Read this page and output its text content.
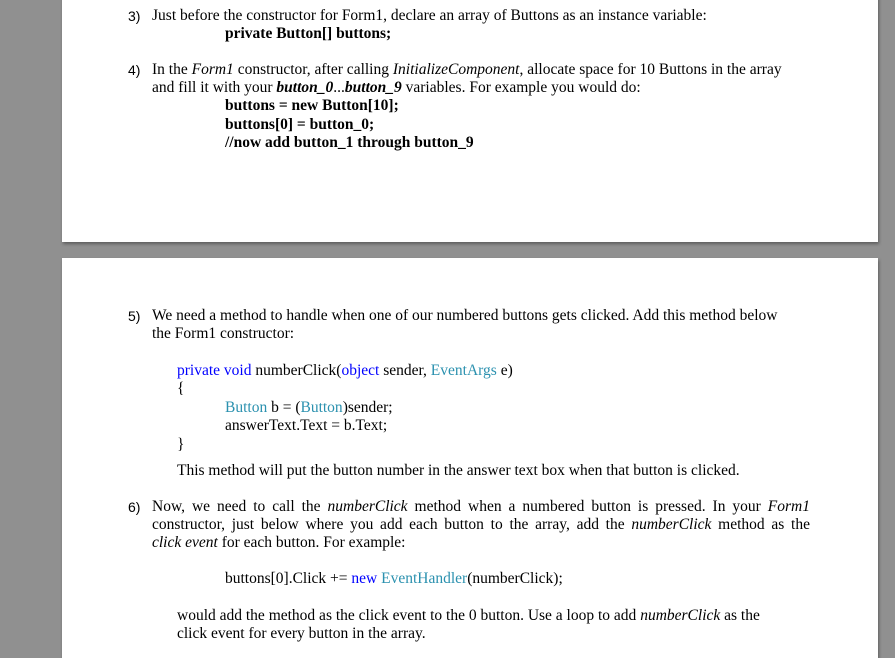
3) Just before the constructor for Form1, declare an array of Buttons as an instance variable:
private Button[] buttons;
4) In the Form1 constructor, after calling InitializeComponent, allocate space for 10 Buttons in the array
and fill it with your button_0...button_9 variables. For example you would do:
buttons = new Button[10];
buttons[0] = button_0;
//now add button_1 through button_9
5) We need a method to handle when one of our numbered buttons gets clicked. Add this method below
the Form1 constructor:
private void numberClick(object sender, EventArgs e)
{
Button b = (Button)sender;
answerText.Text = b.Text;
}
This method will put the button number in the answer text box when that button is clicked.
6) Now, we need to call the numberClick method when a numbered button is pressed. In your Form1
constructor, just below where you add each button to the array, add the numberClick method as the
click event for each button. For example:
buttons[0].Click += new EventHandler(numberClick);
would add the method as the click event to the 0 button. Use a loop to add numberClick as the
click event for every button in the array.
